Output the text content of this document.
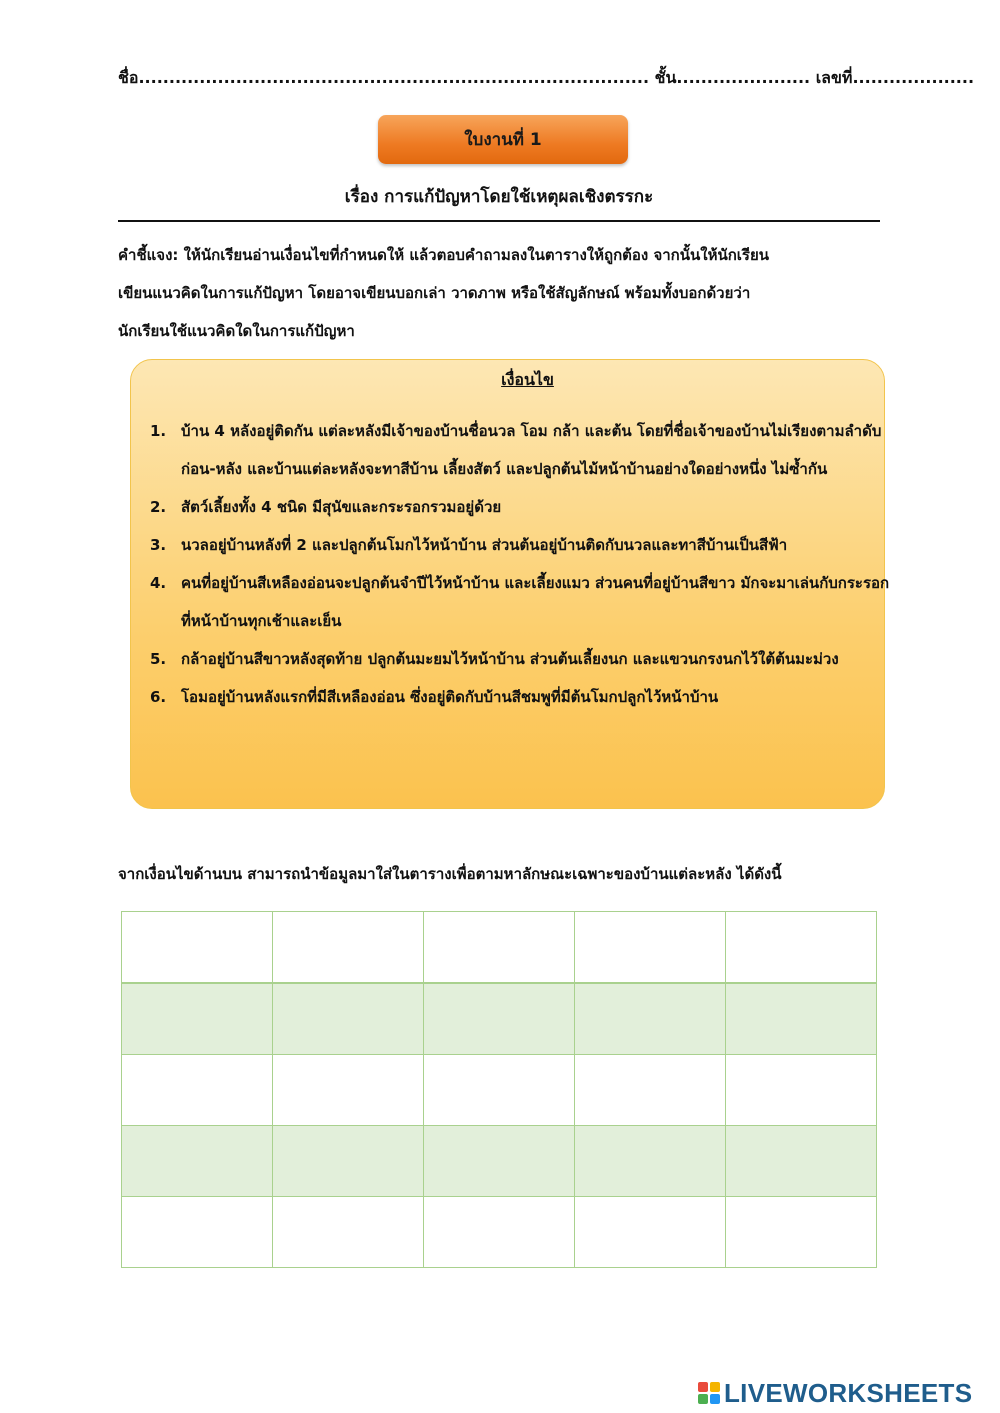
ชื่อ.................................................................................... ชั้น...................... เลขที่....................
ใบงานที่ 1
เรื่อง การแก้ปัญหาโดยใช้เหตุผลเชิงตรรกะ
คำชี้แจง: ให้นักเรียนอ่านเงื่อนไขที่กำหนดให้ แล้วตอบคำถามลงในตารางให้ถูกต้อง จากนั้นให้นักเรียน
เขียนแนวคิดในการแก้ปัญหา โดยอาจเขียนบอกเล่า วาดภาพ หรือใช้สัญลักษณ์ พร้อมทั้งบอกด้วยว่า
นักเรียนใช้แนวคิดใดในการแก้ปัญหา
เงื่อนไข
1. บ้าน 4 หลังอยู่ติดกัน แต่ละหลังมีเจ้าของบ้านชื่อนวล โอม กล้า และต้น โดยที่ชื่อเจ้าของบ้านไม่เรียงตามลำดับก่อน-หลัง และบ้านแต่ละหลังจะทาสีบ้าน เลี้ยงสัตว์ และปลูกต้นไม้หน้าบ้านอย่างใดอย่างหนึ่ง ไม่ซ้ำกัน
2. สัตว์เลี้ยงทั้ง 4 ชนิด มีสุนัขและกระรอกรวมอยู่ด้วย
3. นวลอยู่บ้านหลังที่ 2 และปลูกต้นโมกไว้หน้าบ้าน ส่วนต้นอยู่บ้านติดกับนวลและทาสีบ้านเป็นสีฟ้า
4. คนที่อยู่บ้านสีเหลืองอ่อนจะปลูกต้นจำปีไว้หน้าบ้าน และเลี้ยงแมว ส่วนคนที่อยู่บ้านสีขาว มักจะมาเล่นกับกระรอกที่หน้าบ้านทุกเช้าและเย็น
5. กล้าอยู่บ้านสีขาวหลังสุดท้าย ปลูกต้นมะยมไว้หน้าบ้าน ส่วนต้นเลี้ยงนก และแขวนกรงนกไว้ใต้ต้นมะม่วง
6. โอมอยู่บ้านหลังแรกที่มีสีเหลืองอ่อน ซึ่งอยู่ติดกับบ้านสีชมพูที่มีต้นโมกปลูกไว้หน้าบ้าน
จากเงื่อนไขด้านบน สามารถนำข้อมูลมาใส่ในตารางเพื่อตามหาลักษณะเฉพาะของบ้านแต่ละหลัง ได้ดังนี้

LIVEWORKSHEETS
